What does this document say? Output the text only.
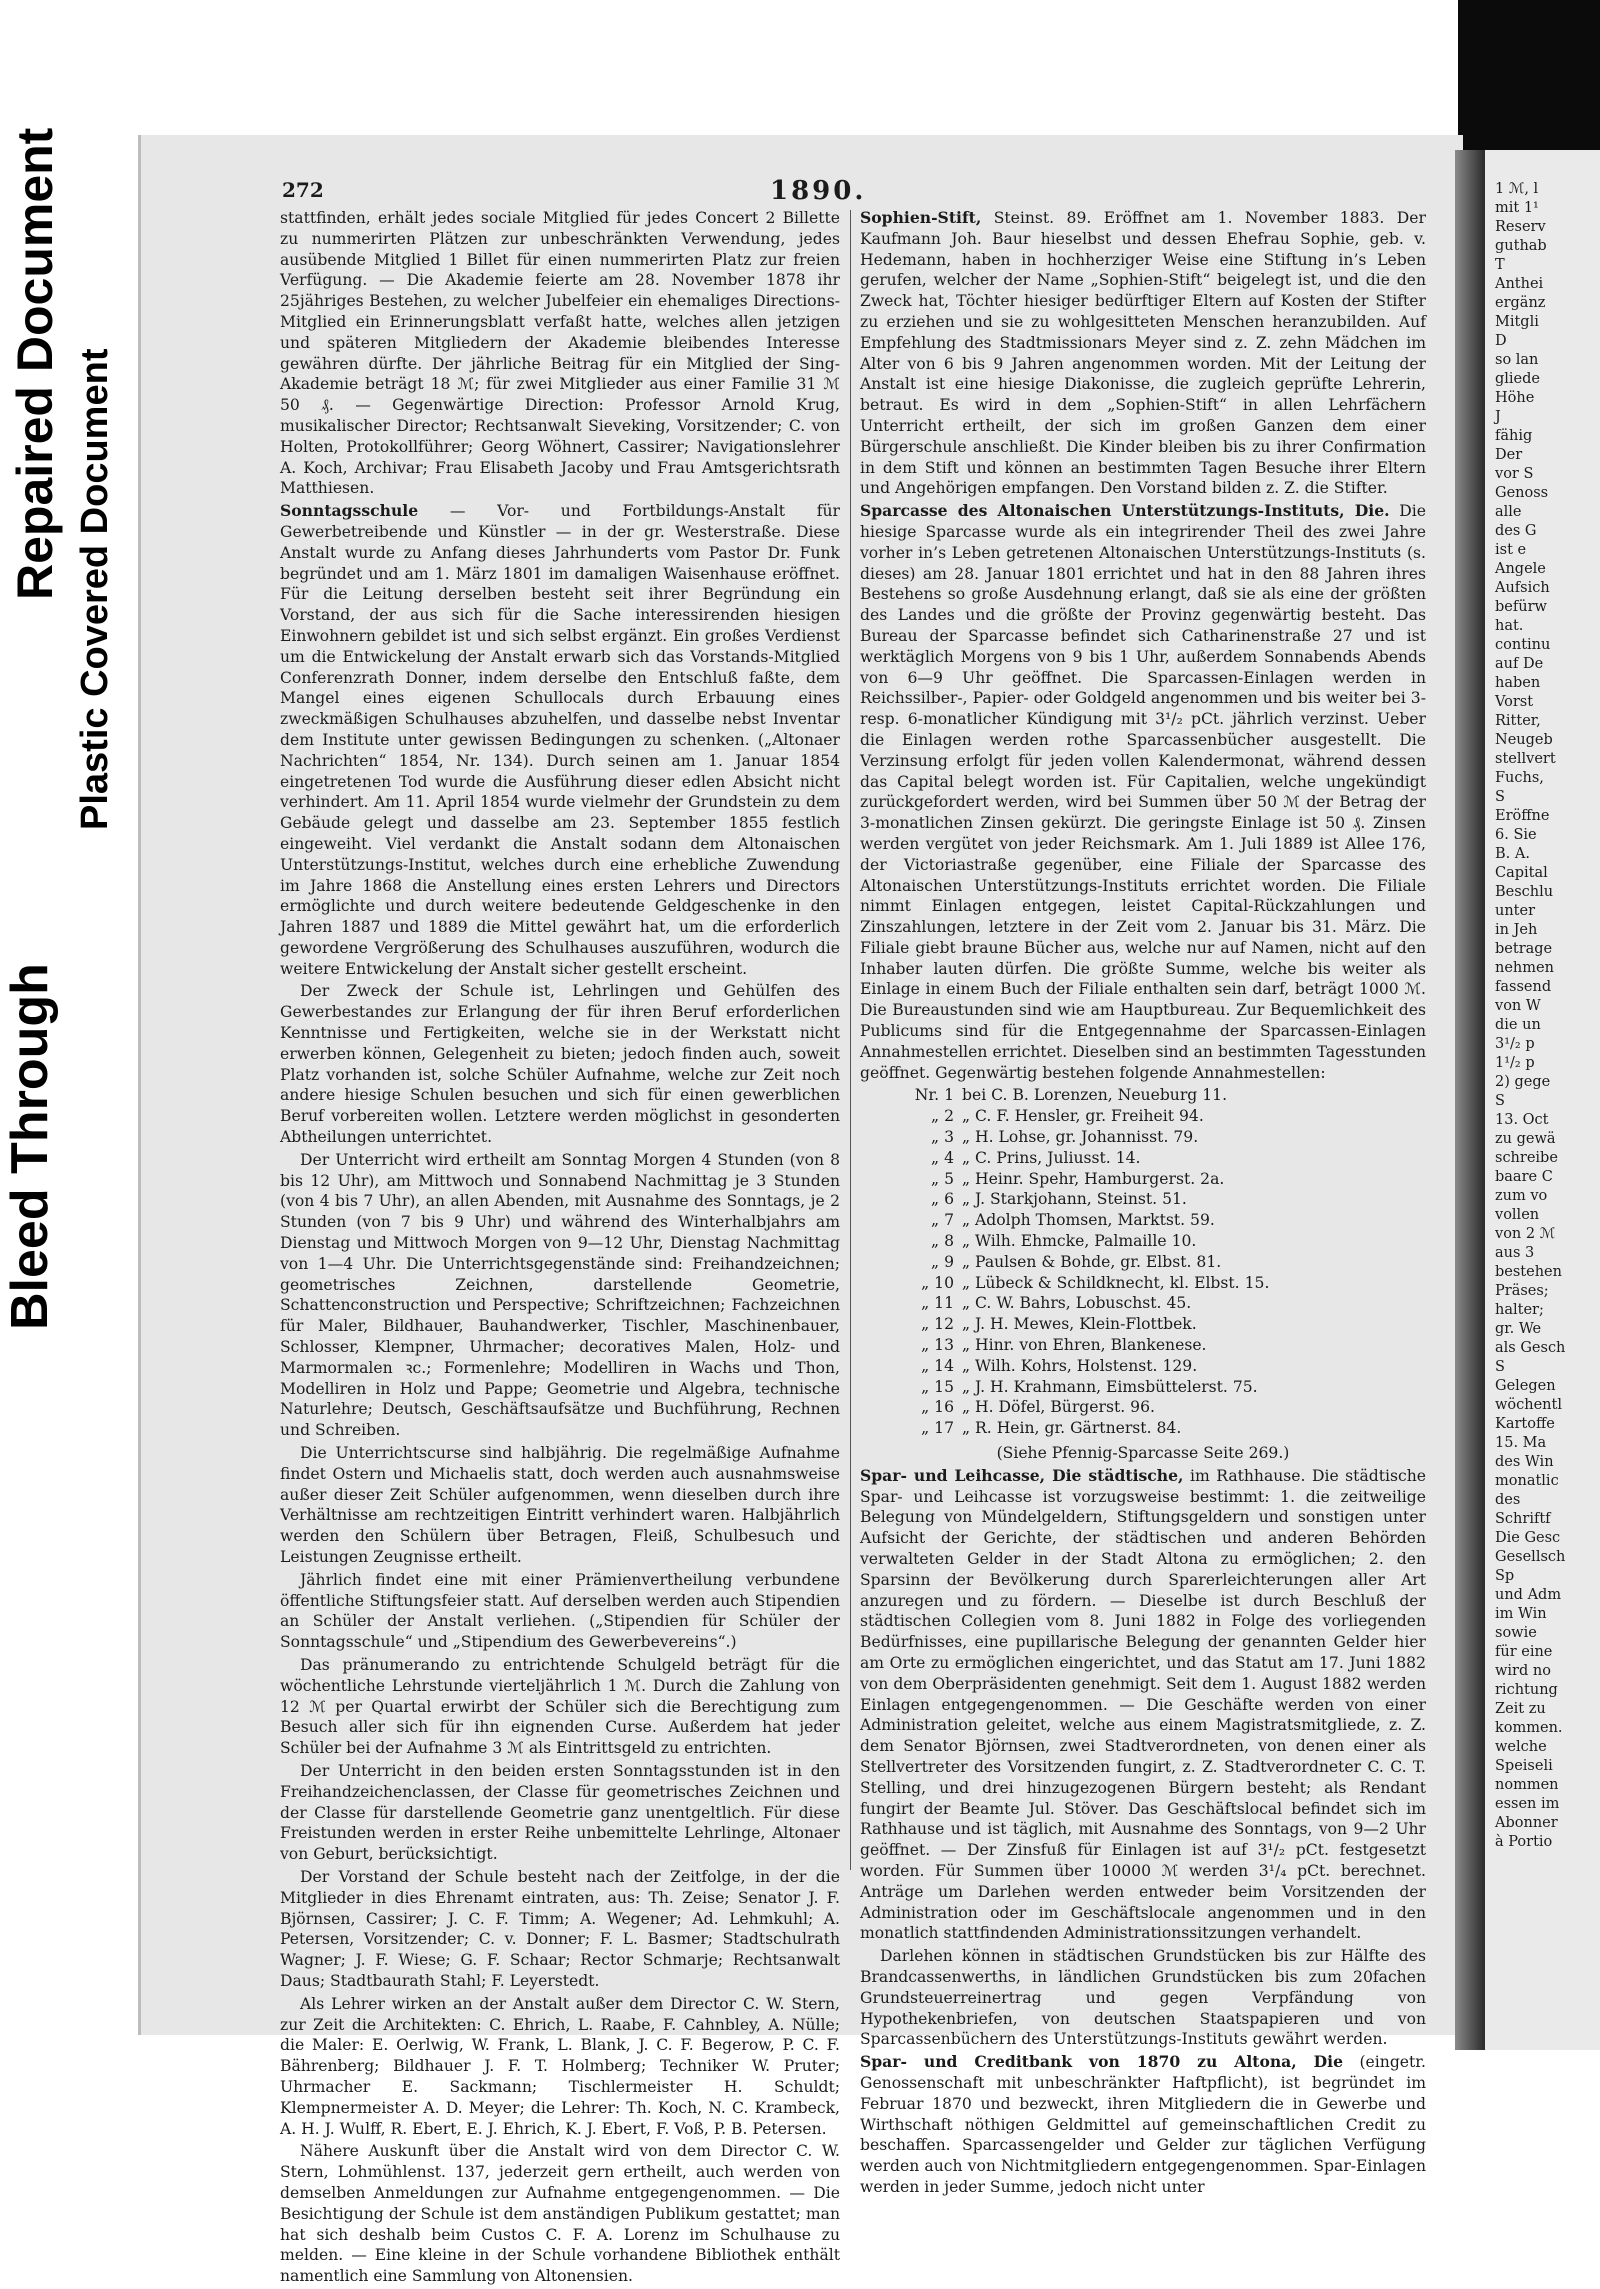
Bleed Through
Repaired Document Plastic Covered Document
1 ℳ, l
mit 1¹
Reserv
guthab
T
Anthei
ergänz
Mitgli
D
so lan
gliede
Höhe
J
fähig
Der
vor S
Genoss
alle
des G
ist e
Angele
Aufsich
befürw
hat.
continu
auf De
haben
Vorst
Ritter,
Neugeb
stellvert
Fuchs,
S
Eröffne
6. Sie
B. A.
Capital
Beschlu
unter
in Jeh
betrage
nehmen
fassend
von W
die un
3¹/₂ p
1¹/₂ p
2) gege
S
13. Oct
zu gewä
schreibe
baare C
zum vo
vollen
von 2 ℳ
aus 3
bestehen
Präses;
halter;
gr. We
als Gesch
S
Gelegen
wöchentl
Kartoffe
15. Ma
des Win
monatlic
des
Schriftf
Die Gesc
Gesellsch
Sp
und Adm
im Win
sowie
für eine
wird no
richtung
Zeit zu
kommen.
welche
Speiseli
nommen
essen im
Abonner
à Portio
272	1890.

stattfinden, erhält jedes sociale Mitglied für jedes Concert 2 Billette zu nummerirten Plätzen zur unbeschränkten Verwendung, jedes ausübende Mitglied 1 Billet für einen nummerirten Platz zur freien Verfügung. — Die Akademie feierte am 28. November 1878 ihr 25jähriges Bestehen, zu welcher Jubelfeier ein ehemaliges Directions-Mitglied ein Erinnerungsblatt verfaßt hatte, welches allen jetzigen und späteren Mitgliedern der Akademie bleibendes Interesse gewähren dürfte. Der jährliche Beitrag für ein Mitglied der Sing-Akademie beträgt 18 ℳ; für zwei Mitglieder aus einer Familie 31 ℳ 50 ₰. — Gegenwärtige Direction: Professor Arnold Krug, musikalischer Director; Rechtsanwalt Sieveking, Vorsitzender; C. von Holten, Protokollführer; Georg Wöhnert, Cassirer; Navigationslehrer A. Koch, Archivar; Frau Elisabeth Jacoby und Frau Amtsgerichtsrath Matthiesen.

Sonntagsschule — Vor- und Fortbildungs-Anstalt für Gewerbetreibende und Künstler — in der gr. Westerstraße. Diese Anstalt wurde zu Anfang dieses Jahrhunderts vom Pastor Dr. Funk begründet und am 1. März 1801 im damaligen Waisenhause eröffnet. Für die Leitung derselben besteht seit ihrer Begründung ein Vorstand, der aus sich für die Sache interessirenden hiesigen Einwohnern gebildet ist und sich selbst ergänzt. Ein großes Verdienst um die Entwickelung der Anstalt erwarb sich das Vorstands-Mitglied Conferenzrath Donner, indem derselbe den Entschluß faßte, dem Mangel eines eigenen Schullocals durch Erbauung eines zweckmäßigen Schulhauses abzuhelfen, und dasselbe nebst Inventar dem Institute unter gewissen Bedingungen zu schenken. („Altonaer Nachrichten“ 1854, Nr. 134). Durch seinen am 1. Januar 1854 eingetretenen Tod wurde die Ausführung dieser edlen Absicht nicht verhindert. Am 11. April 1854 wurde vielmehr der Grundstein zu dem Gebäude gelegt und dasselbe am 23. September 1855 festlich eingeweiht. Viel verdankt die Anstalt sodann dem Altonaischen Unterstützungs-Institut, welches durch eine erhebliche Zuwendung im Jahre 1868 die Anstellung eines ersten Lehrers und Directors ermöglichte und durch weitere bedeutende Geldgeschenke in den Jahren 1887 und 1889 die Mittel gewährt hat, um die erforderlich gewordene Vergrößerung des Schulhauses auszuführen, wodurch die weitere Entwickelung der Anstalt sicher gestellt erscheint.

Der Zweck der Schule ist, Lehrlingen und Gehülfen des Gewerbestandes zur Erlangung der für ihren Beruf erforderlichen Kenntnisse und Fertigkeiten, welche sie in der Werkstatt nicht erwerben können, Gelegenheit zu bieten; jedoch finden auch, soweit Platz vorhanden ist, solche Schüler Aufnahme, welche zur Zeit noch andere hiesige Schulen besuchen und sich für einen gewerblichen Beruf vorbereiten wollen. Letztere werden möglichst in gesonderten Abtheilungen unterrichtet.

Der Unterricht wird ertheilt am Sonntag Morgen 4 Stunden (von 8 bis 12 Uhr), am Mittwoch und Sonnabend Nachmittag je 3 Stunden (von 4 bis 7 Uhr), an allen Abenden, mit Ausnahme des Sonntags, je 2 Stunden (von 7 bis 9 Uhr) und während des Winterhalbjahrs am Dienstag und Mittwoch Morgen von 9—12 Uhr, Dienstag Nachmittag von 1—4 Uhr. Die Unterrichtsgegenstände sind: Freihandzeichnen; geometrisches Zeichnen, darstellende Geometrie, Schattenconstruction und Perspective; Schriftzeichnen; Fachzeichnen für Maler, Bildhauer, Bauhandwerker, Tischler, Maschinenbauer, Schlosser, Klempner, Uhrmacher; decoratives Malen, Holz- und Marmormalen ꝛc.; Formenlehre; Modelliren in Wachs und Thon, Modelliren in Holz und Pappe; Geometrie und Algebra, technische Naturlehre; Deutsch, Geschäftsaufsätze und Buchführung, Rechnen und Schreiben.

Die Unterrichtscurse sind halbjährig. Die regelmäßige Aufnahme findet Ostern und Michaelis statt, doch werden auch ausnahmsweise außer dieser Zeit Schüler aufgenommen, wenn dieselben durch ihre Verhältnisse am rechtzeitigen Eintritt verhindert waren. Halbjährlich werden den Schülern über Betragen, Fleiß, Schulbesuch und Leistungen Zeugnisse ertheilt.

Jährlich findet eine mit einer Prämienvertheilung verbundene öffentliche Stiftungsfeier statt. Auf derselben werden auch Stipendien an Schüler der Anstalt verliehen. („Stipendien für Schüler der Sonntagsschule“ und „Stipendium des Gewerbevereins“.)

Das pränumerando zu entrichtende Schulgeld beträgt für die wöchentliche Lehrstunde vierteljährlich 1 ℳ. Durch die Zahlung von 12 ℳ per Quartal erwirbt der Schüler sich die Berechtigung zum Besuch aller sich für ihn eignenden Curse. Außerdem hat jeder Schüler bei der Aufnahme 3 ℳ als Eintrittsgeld zu entrichten.

Der Unterricht in den beiden ersten Sonntagsstunden ist in den Freihandzeichenclassen, der Classe für geometrisches Zeichnen und der Classe für darstellende Geometrie ganz unentgeltlich. Für diese Freistunden werden in erster Reihe unbemittelte Lehrlinge, Altonaer von Geburt, berücksichtigt.

Der Vorstand der Schule besteht nach der Zeitfolge, in der die Mitglieder in dies Ehrenamt eintraten, aus: Th. Zeise; Senator J. F. Björnsen, Cassirer; J. C. F. Timm; A. Wegener; Ad. Lehmkuhl; A. Petersen, Vorsitzender; C. v. Donner; F. L. Basmer; Stadtschulrath Wagner; J. F. Wiese; G. F. Schaar; Rector Schmarje; Rechtsanwalt Daus; Stadtbaurath Stahl; F. Leyerstedt.

Als Lehrer wirken an der Anstalt außer dem Director C. W. Stern, zur Zeit die Architekten: C. Ehrich, L. Raabe, F. Cahnbley, A. Nülle; die Maler: E. Oerlwig, W. Frank, L. Blank, J. C. F. Begerow, P. C. F. Bährenberg; Bildhauer J. F. T. Holmberg; Techniker W. Pruter; Uhrmacher E. Sackmann; Tischlermeister H. Schuldt; Klempnermeister A. D. Meyer; die Lehrer: Th. Koch, N. C. Krambeck, A. H. J. Wulff, R. Ebert, E. J. Ehrich, K. J. Ebert, F. Voß, P. B. Petersen.

Nähere Auskunft über die Anstalt wird von dem Director C. W. Stern, Lohmühlenst. 137, jederzeit gern ertheilt, auch werden von demselben Anmeldungen zur Aufnahme entgegengenommen. — Die Besichtigung der Schule ist dem anständigen Publikum gestattet; man hat sich deshalb beim Custos C. F. A. Lorenz im Schulhause zu melden. — Eine kleine in der Schule vorhandene Bibliothek enthält namentlich eine Sammlung von Altonensien.

Sophien-Stift, Steinst. 89. Eröffnet am 1. November 1883. Der Kaufmann Joh. Baur hieselbst und dessen Ehefrau Sophie, geb. v. Hedemann, haben in hochherziger Weise eine Stiftung in’s Leben gerufen, welcher der Name „Sophien-Stift“ beigelegt ist, und die den Zweck hat, Töchter hiesiger bedürftiger Eltern auf Kosten der Stifter zu erziehen und sie zu wohlgesitteten Menschen heranzubilden. Auf Empfehlung des Stadtmissionars Meyer sind z. Z. zehn Mädchen im Alter von 6 bis 9 Jahren angenommen worden. Mit der Leitung der Anstalt ist eine hiesige Diakonisse, die zugleich geprüfte Lehrerin, betraut. Es wird in dem „Sophien-Stift“ in allen Lehrfächern Unterricht ertheilt, der sich im großen Ganzen dem einer Bürgerschule anschließt. Die Kinder bleiben bis zu ihrer Confirmation in dem Stift und können an bestimmten Tagen Besuche ihrer Eltern und Angehörigen empfangen. Den Vorstand bilden z. Z. die Stifter.

Sparcasse des Altonaischen Unterstützungs-Instituts, Die. Die hiesige Sparcasse wurde als ein integrirender Theil des zwei Jahre vorher in’s Leben getretenen Altonaischen Unterstützungs-Instituts (s. dieses) am 28. Januar 1801 errichtet und hat in den 88 Jahren ihres Bestehens so große Ausdehnung erlangt, daß sie als eine der größten des Landes und die größte der Provinz gegenwärtig besteht. Das Bureau der Sparcasse befindet sich Catharinenstraße 27 und ist werktäglich Morgens von 9 bis 1 Uhr, außerdem Sonnabends Abends von 6—9 Uhr geöffnet. Die Sparcassen-Einlagen werden in Reichssilber-, Papier- oder Goldgeld angenommen und bis weiter bei 3- resp. 6-monatlicher Kündigung mit 3¹/₂ pCt. jährlich verzinst. Ueber die Einlagen werden rothe Sparcassenbücher ausgestellt. Die Verzinsung erfolgt für jeden vollen Kalendermonat, während dessen das Capital belegt worden ist. Für Capitalien, welche ungekündigt zurückgefordert werden, wird bei Summen über 50 ℳ der Betrag der 3-monatlichen Zinsen gekürzt. Die geringste Einlage ist 50 ₰. Zinsen werden vergütet von jeder Reichsmark. Am 1. Juli 1889 ist Allee 176, der Victoriastraße gegenüber, eine Filiale der Sparcasse des Altonaischen Unterstützungs-Instituts errichtet worden. Die Filiale nimmt Einlagen entgegen, leistet Capital-Rückzahlungen und Zinszahlungen, letztere in der Zeit vom 2. Januar bis 31. März. Die Filiale giebt braune Bücher aus, welche nur auf Namen, nicht auf den Inhaber lauten dürfen. Die größte Summe, welche bis weiter als Einlage in einem Buch der Filiale enthalten sein darf, beträgt 1000 ℳ. Die Bureaustunden sind wie am Hauptbureau. Zur Bequemlichkeit des Publicums sind für die Entgegennahme der Sparcassen-Einlagen Annahmestellen errichtet. Dieselben sind an bestimmten Tagesstunden geöffnet. Gegenwärtig bestehen folgende Annahmestellen:

Nr. 1 bei C. B. Lorenzen, Neueburg 11.
„ 2 „ C. F. Hensler, gr. Freiheit 94.
„ 3 „ H. Lohse, gr. Johannisst. 79.
„ 4 „ C. Prins, Juliusst. 14.
„ 5 „ Heinr. Spehr, Hamburgerst. 2a.
„ 6 „ J. Starkjohann, Steinst. 51.
„ 7 „ Adolph Thomsen, Marktst. 59.
„ 8 „ Wilh. Ehmcke, Palmaille 10.
„ 9 „ Paulsen & Bohde, gr. Elbst. 81.
„ 10 „ Lübeck & Schildknecht, kl. Elbst. 15.
„ 11 „ C. W. Bahrs, Lobuschst. 45.
„ 12 „ J. H. Mewes, Klein-Flottbek.
„ 13 „ Hinr. von Ehren, Blankenese.
„ 14 „ Wilh. Kohrs, Holstenst. 129.
„ 15 „ J. H. Krahmann, Eimsbüttelerst. 75.
„ 16 „ H. Döfel, Bürgerst. 96.
„ 17 „ R. Hein, gr. Gärtnerst. 84.

(Siehe Pfennig-Sparcasse Seite 269.)

Spar- und Leihcasse, Die städtische, im Rathhause. Die städtische Spar- und Leihcasse ist vorzugsweise bestimmt: 1. die zeitweilige Belegung von Mündelgeldern, Stiftungsgeldern und sonstigen unter Aufsicht der Gerichte, der städtischen und anderen Behörden verwalteten Gelder in der Stadt Altona zu ermöglichen; 2. den Sparsinn der Bevölkerung durch Sparerleichterungen aller Art anzuregen und zu fördern. — Dieselbe ist durch Beschluß der städtischen Collegien vom 8. Juni 1882 in Folge des vorliegenden Bedürfnisses, eine pupillarische Belegung der genannten Gelder hier am Orte zu ermöglichen eingerichtet, und das Statut am 17. Juni 1882 von dem Oberpräsidenten genehmigt. Seit dem 1. August 1882 werden Einlagen entgegengenommen. — Die Geschäfte werden von einer Administration geleitet, welche aus einem Magistratsmitgliede, z. Z. dem Senator Björnsen, zwei Stadtverordneten, von denen einer als Stellvertreter des Vorsitzenden fungirt, z. Z. Stadtverordneter C. C. T. Stelling, und drei hinzugezogenen Bürgern besteht; als Rendant fungirt der Beamte Jul. Stöver. Das Geschäftslocal befindet sich im Rathhause und ist täglich, mit Ausnahme des Sonntags, von 9—2 Uhr geöffnet. — Der Zinsfuß für Einlagen ist auf 3¹/₂ pCt. festgesetzt worden. Für Summen über 10000 ℳ werden 3¹/₄ pCt. berechnet. Anträge um Darlehen werden entweder beim Vorsitzenden der Administration oder im Geschäftslocale angenommen und in den monatlich stattfindenden Administrationssitzungen verhandelt.

Darlehen können in städtischen Grundstücken bis zur Hälfte des Brandcassenwerths, in ländlichen Grundstücken bis zum 20fachen Grundsteuerreinertrag und gegen Verpfändung von Hypothekenbriefen, von deutschen Staatspapieren und von Sparcassenbüchern des Unterstützungs-Instituts gewährt werden.

Spar- und Creditbank von 1870 zu Altona, Die (eingetr. Genossenschaft mit unbeschränkter Haftpflicht), ist begründet im Februar 1870 und bezweckt, ihren Mitgliedern die in Gewerbe und Wirthschaft nöthigen Geldmittel auf gemeinschaftlichen Credit zu beschaffen. Sparcassengelder und Gelder zur täglichen Verfügung werden auch von Nichtmitgliedern entgegengenommen. Spar-Einlagen werden in jeder Summe, jedoch nicht unter
